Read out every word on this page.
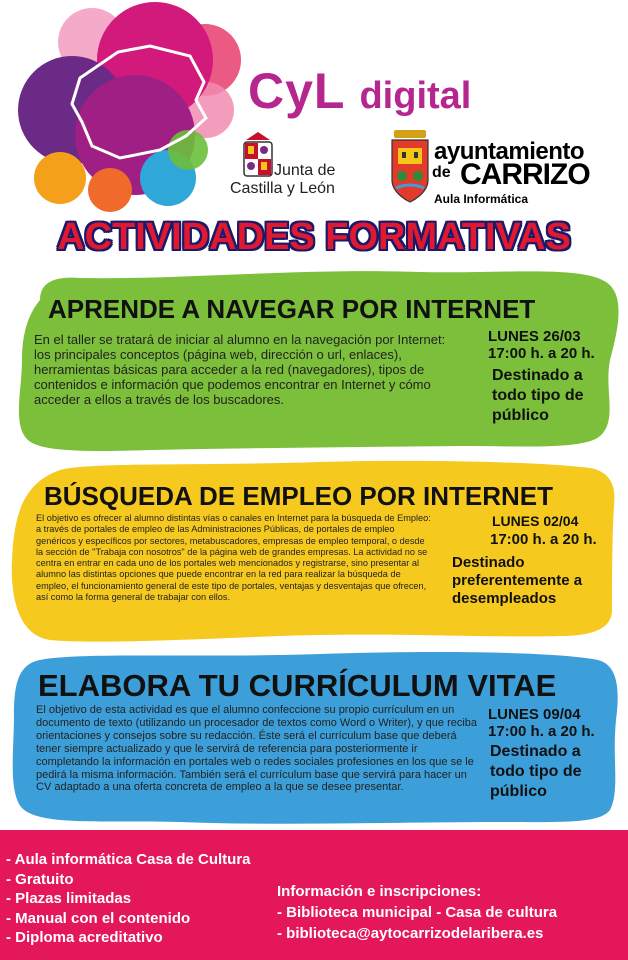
CyL digital
Junta de
Castilla y León
ayuntamiento
de CARRIZO
Aula Informática
ACTIVIDADES FORMATIVAS
APRENDE A NAVEGAR POR INTERNET
En el taller se tratará de iniciar al alumno en la navegación por Internet: los principales conceptos (página web, dirección o url, enlaces), herramientas básicas para acceder a la red (navegadores), tipos de contenidos e información que podemos encontrar en Internet y cómo acceder a ellos a través de los buscadores.
LUNES 26/03
17:00 h. a 20 h.
Destinado a todo tipo de público
BÚSQUEDA DE EMPLEO POR INTERNET
El objetivo es ofrecer al alumno distintas vías o canales en Internet para la búsqueda de Empleo: a través de portales de empleo de las Administraciones Públicas, de portales de empleo genéricos y específicos por sectores, metabuscadores, empresas de empleo temporal, o desde la sección de "Trabaja con nosotros" de la página web de grandes empresas. La actividad no se centra en entrar en cada uno de los portales web mencionados y registrarse, sino presentar al alumno las distintas opciones que puede encontrar en la red para realizar la búsqueda de empleo, el funcionamiento general de este tipo de portales, ventajas y desventajas que ofrecen, así como la forma general de trabajar con ellos.
LUNES 02/04
17:00 h. a 20 h.
Destinado preferentemente a desempleados
ELABORA TU CURRÍCULUM VITAE
El objetivo de esta actividad es que el alumno confeccione su propio currículum en un documento de texto (utilizando un procesador de textos como Word o Writer), y que reciba orientaciones y consejos sobre su redacción. Éste será el currículum base que deberá tener siempre actualizado y que le servirá de referencia para posteriormente ir completando la información en portales web o redes sociales profesiones en los que se le pedirá la misma información. También será el currículum base que servirá para hacer un CV adaptado a una oferta concreta de empleo a la que se desee presentar.
LUNES 09/04
17:00 h. a 20 h.
Destinado a todo tipo de público
- Aula informática Casa de Cultura
- Gratuito
- Plazas limitadas
- Manual con el contenido
- Diploma acreditativo
Información e inscripciones:
- Biblioteca municipal - Casa de cultura
- biblioteca@aytocarrizodelaribera.es
